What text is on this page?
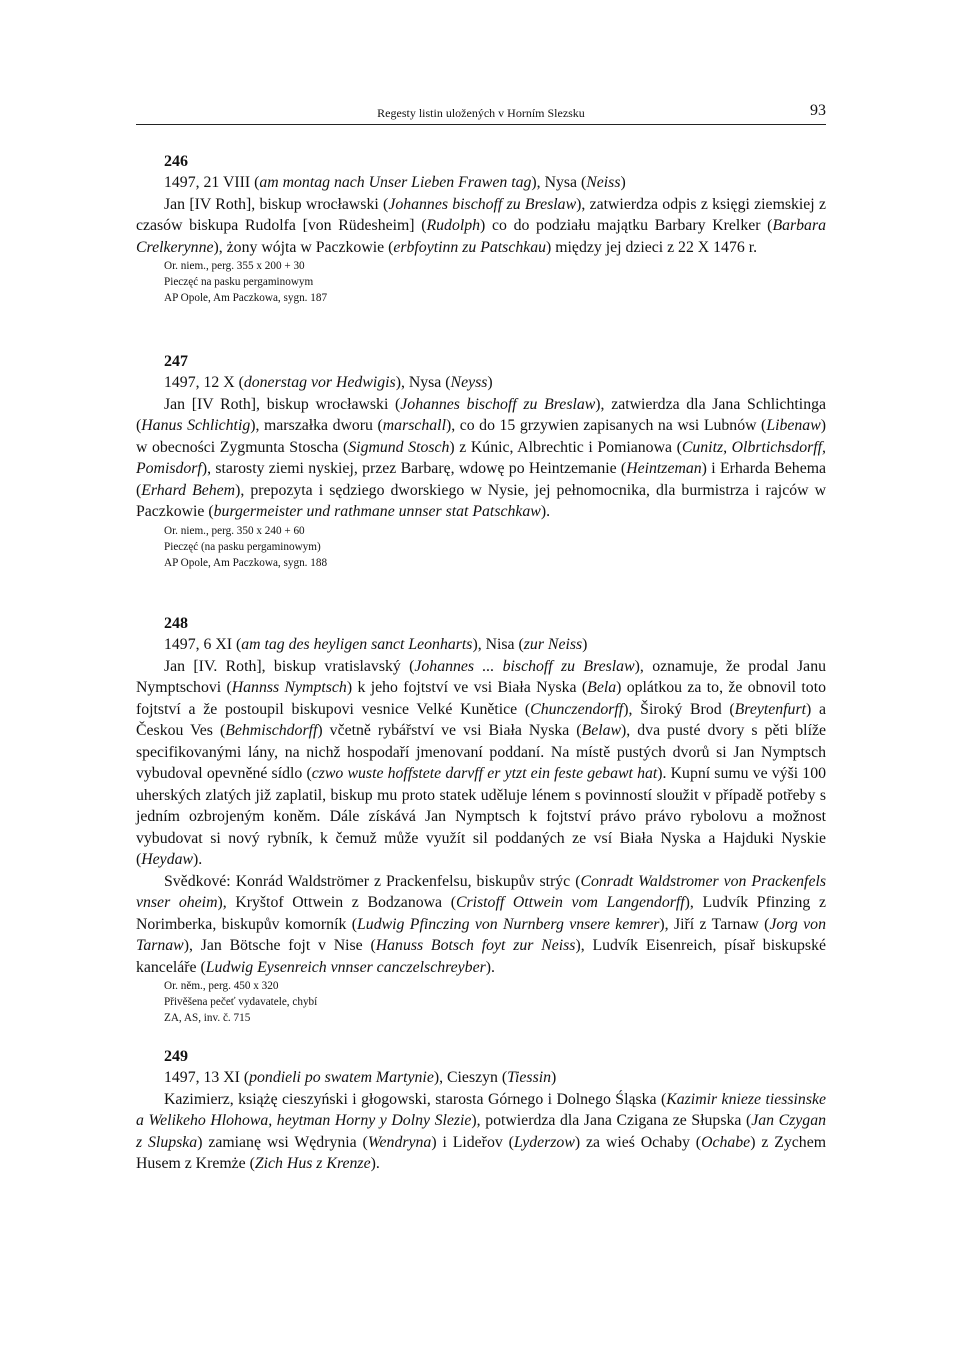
Regesty listin uložených v Horním Slezsku	93
246
1497, 21 VIII (am montag nach Unser Lieben Frawen tag), Nysa (Neiss)
Jan [IV Roth], biskup wrocławski (Johannes bischoff zu Breslaw), zatwierdza odpis z księgi ziemskiej z czasów biskupa Rudolfa [von Rüdesheim] (Rudolph) co do podziału majątku Barbary Krelker (Barbara Crelkerynne), żony wójta w Paczkowie (erbfoytinn zu Patschkau) między jej dzieci z 22 X 1476 r.
Or. niem., perg. 355 x 200 + 30
Pieczęć na pasku pergaminowym
AP Opole, Am Paczkowa, sygn. 187
247
1497, 12 X (donerstag vor Hedwigis), Nysa (Neyss)
Jan [IV Roth], biskup wrocławski (Johannes bischoff zu Breslaw), zatwierdza dla Jana Schlichtinga (Hanus Schlichtig), marszałka dworu (marschall), co do 15 grzywien zapisanych na wsi Lubnów (Libenaw) w obecności Zygmunta Stoscha (Sigmund Stosch) z Kúnic, Albrechtic i Pomianowa (Cunitz, Olbrtichsdorff, Pomisdorf), starosty ziemi nyskiej, przez Barbarę, wdowę po Heintzemanie (Heintzeman) i Erharda Behema (Erhard Behem), prepozyta i sędziego dworskiego w Nysie, jej pełnomocnika, dla burmistrza i rajców w Paczkowie (burgermeister und rathmane unnser stat Patschkaw).
Or. niem., perg. 350 x 240 + 60
Pieczęć (na pasku pergaminowym)
AP Opole, Am Paczkowa, sygn. 188
248
1497, 6 XI (am tag des heyligen sanct Leonharts), Nisa (zur Neiss)
Jan [IV. Roth], biskup vratislavský (Johannes ... bischoff zu Breslaw), oznamuje, že prodal Janu Nymptschovi (Hannss Nymptsch) k jeho fojtství ve vsi Biała Nyska (Bela) oplátkou za to, že obnovil toto fojtství a že postoupil biskupovi vesnice Velké Kunětice (Chunczendorff), Široký Brod (Breytenfurt) a Českou Ves (Behmischdorff) včetně rybářství ve vsi Biała Nyska (Belaw), dva pusté dvory s pěti blíže specifikovanými lány, na nichž hospodaří jmenovaní poddaní. Na místě pustých dvorů si Jan Nymptsch vybudoval opevněné sídlo (czwo wuste hoffstete darvff er ytzt ein feste gebawt hat). Kupní sumu ve výši 100 uherských zlatých již zaplatil, biskup mu proto statek uděluje lénem s povinností sloužit v případě potřeby s jedním ozbrojeným koněm. Dále získává Jan Nymptsch k fojtství právo právo rybolovu a možnost vybudovat si nový rybník, k čemuž může využít sil poddaných ze vsí Biała Nyska a Hajduki Nyskie (Heydaw).
Svědkové: Konrád Waldströmer z Prackenfelsu, biskupův strýc (Conradt Waldstromer von Prackenfels vnser oheim), Kryštof Ottwein z Bodzanowa (Cristoff Ottwein vom Langendorff), Ludvík Pfinzing z Norimberka, biskupův komorník (Ludwig Pfinczing von Nurnberg vnsere kemrer), Jiří z Tarnaw (Jorg von Tarnaw), Jan Bötsche fojt v Nise (Hanuss Botsch foyt zur Neiss), Ludvík Eisenreich, písař biskupské kanceláře (Ludwig Eysenreich vnnser canczelschreyber).
Or. něm., perg. 450 x 320
Přivěšena pečeť vydavatele, chybí
ZA, AS, inv. č. 715
249
1497, 13 XI (pondieli po swatem Martynie), Cieszyn (Tiessin)
Kazimierz, książę cieszyński i głogowski, starosta Górnego i Dolnego Śląska (Kazimir knieze tiessinske a Welikeho Hlohowa, heytman Horny y Dolny Slezie), potwierdza dla Jana Czigana ze Słupska (Jan Czygan z Slupska) zamianę wsi Wędrynia (Wendryna) i Lideřov (Lyderzow) za wieś Ochaby (Ochabe) z Zychem Husem z Kremże (Zich Hus z Krenze).
